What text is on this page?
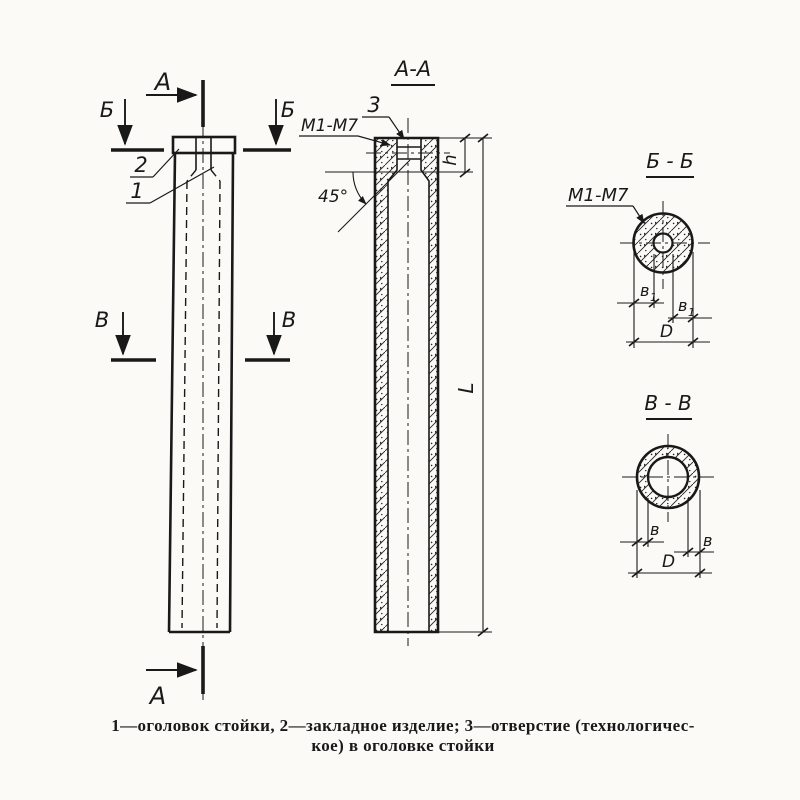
А
А
Б	Б
В	В
2
1
А-А
45°
М1-М7
3
h
L
Б - Б
М1-М7
в 1 в 1
D
В - В
в
в
D
1—оголовок стойки, 2—закладное изделие; 3—отверстие (технологичес-
кое) в оголовке стойки
